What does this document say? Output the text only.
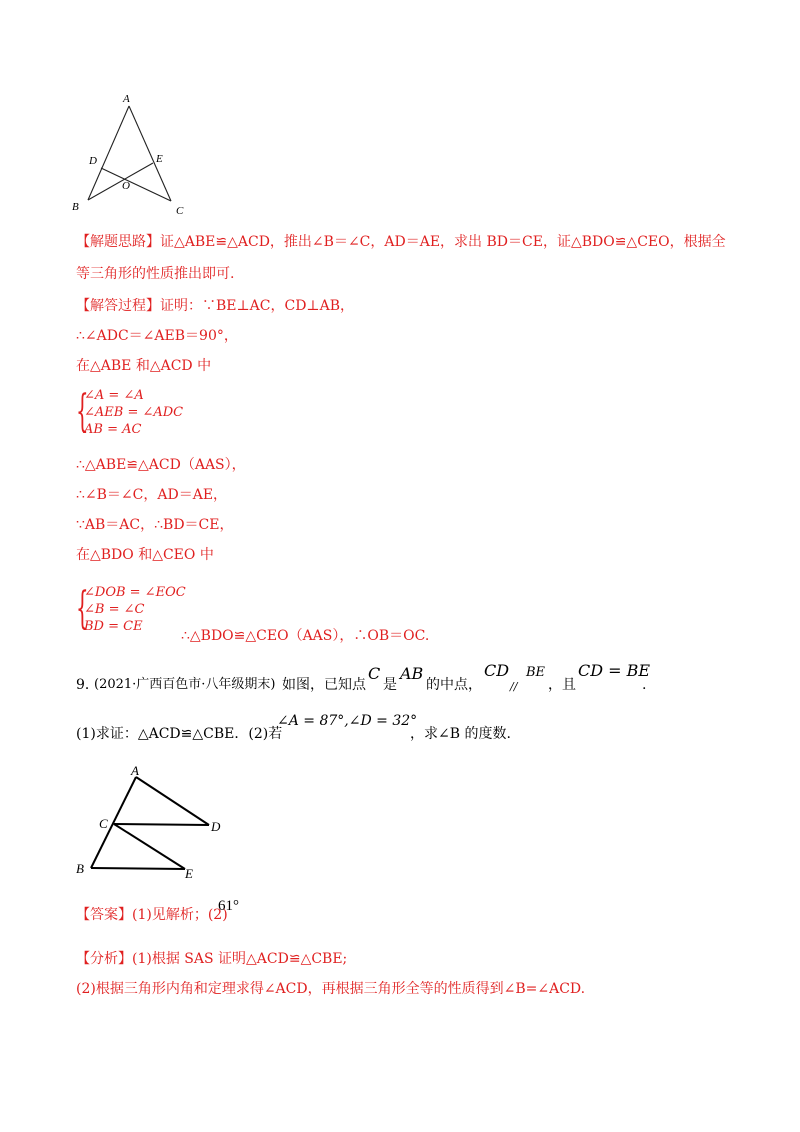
A
D	E
O
B	C
【解题思路】证△ABE≌△ACD，推出∠B＝∠C，AD＝AE，求出 BD＝CE，证△BDO≌△CEO，根据全
等三角形的性质推出即可.
【解答过程】证明：∵BE⊥AC，CD⊥AB，
∴∠ADC＝∠AEB＝90°，
在△ABE 和△ACD 中
{
∠A = ∠A
∠AEB = ∠ADC
AB = AC
∴△ABE≌△ACD（AAS），
∴∠B＝∠C，AD＝AE，
∵AB＝AC，∴BD＝CE，
在△BDO 和△CEO 中
{
∠DOB = ∠EOC
∠B = ∠C
BD = CE
∴△BDO≌△CEO（AAS），∴OB＝OC.
9．
(2021·广西百色市·八年级期末) 如图，已知点
C
是
AB
的中点，
CD
//
BE
，且
CD = BE
.
(1)求证：△ACD≌△CBE．(2)若
∠A = 87°,∠D = 32°
，求∠B 的度数.
A
C	D
B	E
【答案】(1)见解析；(2)
61°
【分析】(1)根据 SAS 证明△ACD≌△CBE;
(2)根据三角形内角和定理求得∠ACD，再根据三角形全等的性质得到∠B=∠ACD.
